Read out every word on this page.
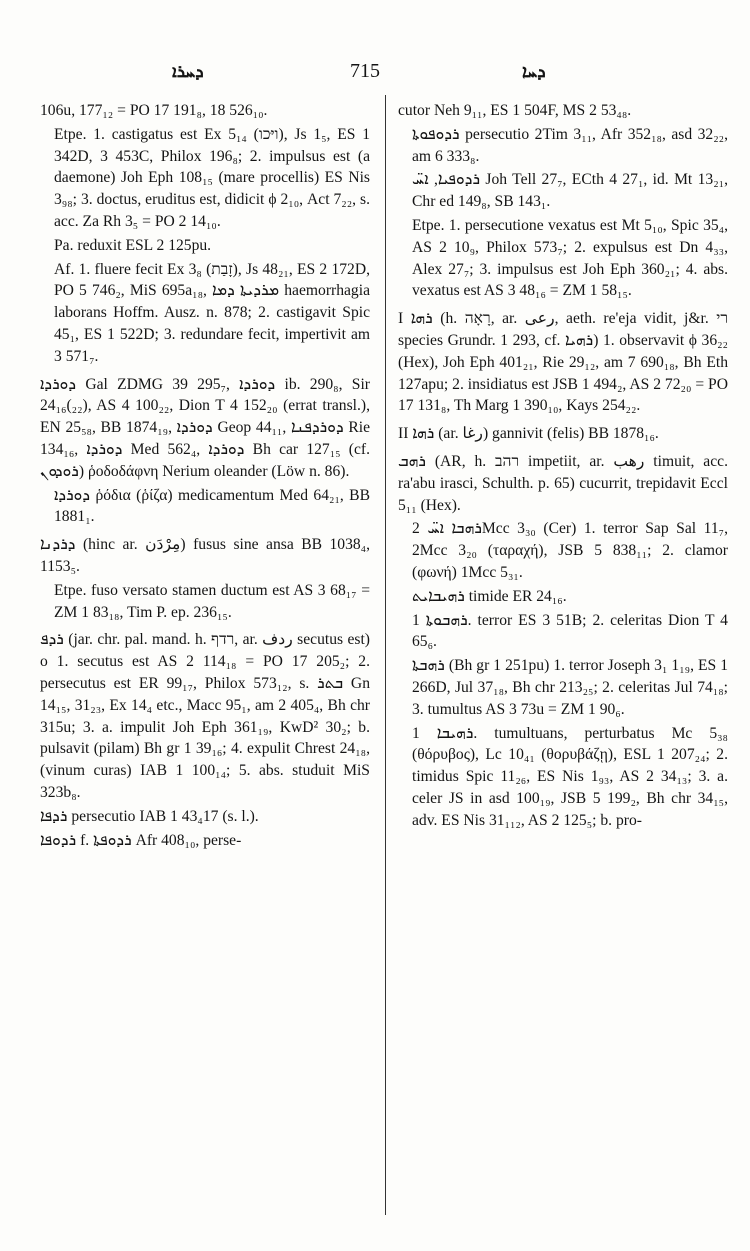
ܕܚܪܐ	715	ܕܚܐ

106u, 177₁₂ = PO 17 191₈, 18 526₁₀.

Etpe. 1. castigatus est Ex 5₁₄ (ויּכו), Js 1₅, ES 1 342D, 3 453C, Philox 196₈; 2. impulsus est (a daemone) Joh Eph 108₁₅ (mare procellis) ES Nis 3₉₈; 3. doctus, eruditus est, didicit ϕ 2₁₀, Act 7₂₂, s. acc. Za Rh 3₅ = PO 2 14₁₀.

Pa. reduxit ESL 2 125pu.

Af. 1. fluere fecit Ex 3₈ (זָבַת), Js 48₂₁, ES 2 172D, PO 5 746₂, MiS 695a₁₈, ܡܪܕܝܬܐ ܕܡܐ haemorrhagia laborans Hoffm. Ausz. n. 878; 2. castigavit Spic 45₁, ES 1 522D; 3. redundare fecit, impertivit am 3 571₇.

ܕܘܪܕܐ Gal ZDMG 39 295₇, ܕܘܪܕܐ ib. 290₈, Sir 24₁₆(₂₂), AS 4 100₂₂, Dion T 4 152₂₀ (errat transl.), EN 25₅₈, BB 1874₁₉, ܕܘܪܕܐ Geop 44₁₁, ܕܘܪܕܦܢܐ Rie 134₁₆, ܕܘܪܕܐ Med 562₄, ܕܘܪܕܐ Bh car 127₁₅ (cf. ܪܘܕܘܢ) ῥοδοδάφνη Nerium oleander (Löw n. 86).

ܕܘܪܕܐ ῥόδια (ῥίζα) medicamentum Med 64₂₁, BB 1881₁.

ܕܪܕܢܐ (hinc ar. مِرْدَن) fusus sine ansa BB 1038₄, 1153₅.

Etpe. fuso versato stamen ductum est AS 3 68₁₇ = ZM 1 83₁₈, Tim P. ep. 236₁₅.

ܪܕܦ (jar. chr. pal. mand. h. רדף, ar. ردف secutus est) o 1. secutus est AS 2 114₁₈ = PO 17 205₂; 2. persecutus est ER 99₁₇, Philox 573₁₂, s. ܒܬܪ Gn 14₁₅, 31₂₃, Ex 14₄ etc., Macc 95₁, am 2 405₄, Bh chr 315u; 3. a. impulit Joh Eph 361₁₉, KwD² 30₂; b. pulsavit (pilam) Bh gr 1 39₁₆; 4. expulit Chrest 24₁₈, (vinum curas) IAB 1 100₁₄; 5. abs. studuit MiS 323b₈.

ܪܕܦܐ persecutio IAB 1 43₄17 (s. l.).

ܪܕܘܦܐ f. ܪܕܘܦܬܐ Afr 408₁₀, perse-

cutor Neh 9₁₁, ES 1 504F, MS 2 53₄₈.

ܪܕܘܦܘܬܐ persecutio 2Tim 3₁₁, Afr 352₁₈, asd 32₂₂, am 6 333₈.

ܪܕܘܦܝܐ, ܐܚ̈ Joh Tell 27₇, ECth 4 27₁, id. Mt 13₂₁, Chr ed 149₈, SB 143₁.

Etpe. 1. persecutione vexatus est Mt 5₁₀, Spic 35₄, AS 2 10₉, Philox 573₇; 2. expulsus est Dn 4₃₃, Alex 27₇; 3. impulsus est Joh Eph 360₂₁; 4. abs. vexatus est AS 3 48₁₆ = ZM 1 58₁₅.

I ܪܗܐ (h. רָאָה, ar. رعى, aeth. re'eja vidit, j&r. רי species Grundr. 1 293, cf. ܪܗܝܐ) 1. observavit ϕ 36₂₂ (Hex), Joh Eph 401₂₁, Rie 29₁₂, am 7 690₁₈, Bh Eth 127apu; 2. insidiatus est JSB 1 494₂, AS 2 72₂₀ = PO 17 131₈, Th Marg 1 390₁₀, Kays 254₂₂.

II ܪܗܐ (ar. رغا) gannivit (felis) BB 1878₁₆.

ܪܗܒ (AR, h. רהב impetiit, ar. رهب timuit, acc. ra'abu irasci, Schulth. p. 65) cucurrit, trepidavit Eccl 5₁₁ (Hex).

ܪܗܒܐ ܐܚ̈ 2Mcc 3₃₀ (Cer) 1. terror Sap Sal 11₇, 2Mcc 3₂₀ (ταραχή), JSB 5 838₁₁; 2. clamor (φωνή) 1Mcc 5₃₁.

ܪܗܝܒܐܝܬ timide ER 24₁₆.

ܪܗܒܘܬܐ 1. terror ES 3 51B; 2. celeritas Dion T 4 65₆.

ܪܗܒܬܐ (Bh gr 1 251pu) 1. terror Joseph 3₁ 1₁₉, ES 1 266D, Jul 37₁₈, Bh chr 213₂₅; 2. celeritas Jul 74₁₈; 3. tumultus AS 3 73u = ZM 1 90₆.

ܪܗܝܒܐ 1. tumultuans, perturbatus Mc 5₃₈ (θόρυβος), Lc 10₄₁ (θορυβάζῃ), ESL 1 207₂₄; 2. timidus Spic 11₂₆, ES Nis 1₉₃, AS 2 34₁₃; 3. a. celer JS in asd 100₁₉, JSB 5 199₂, Bh chr 34₁₅, adv. ES Nis 31₁₁₂, AS 2 125₅; b. pro-
